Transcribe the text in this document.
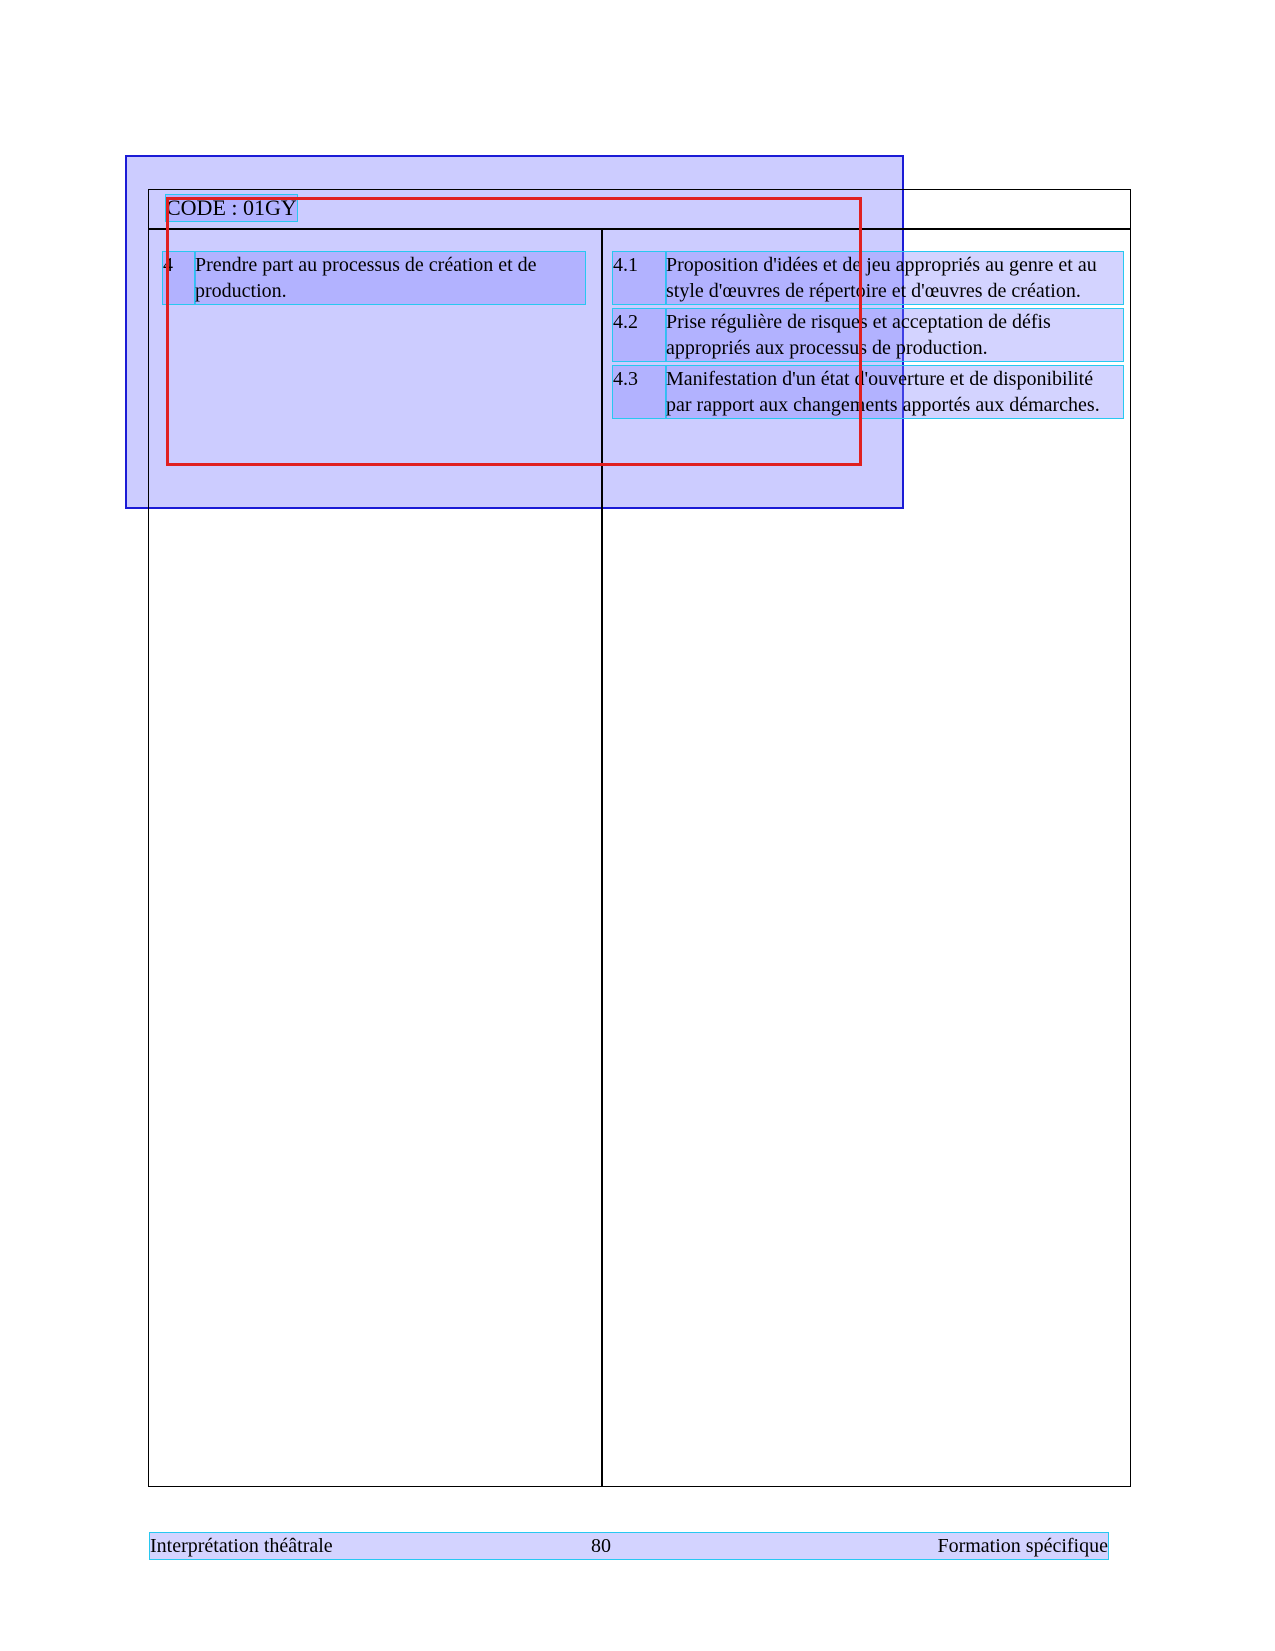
CODE : 01GY
4	Prendre part au processus de création et de production.
4.1	Proposition d'idées et de jeu appropriés au genre et au style d'œuvres de répertoire et d'œuvres de création.
4.2	Prise régulière de risques et acceptation de défis appropriés aux processus de production.
4.3	Manifestation d'un état d'ouverture et de disponibilité par rapport aux changements apportés aux démarches.
Interprétation théâtrale	80	Formation spécifique
